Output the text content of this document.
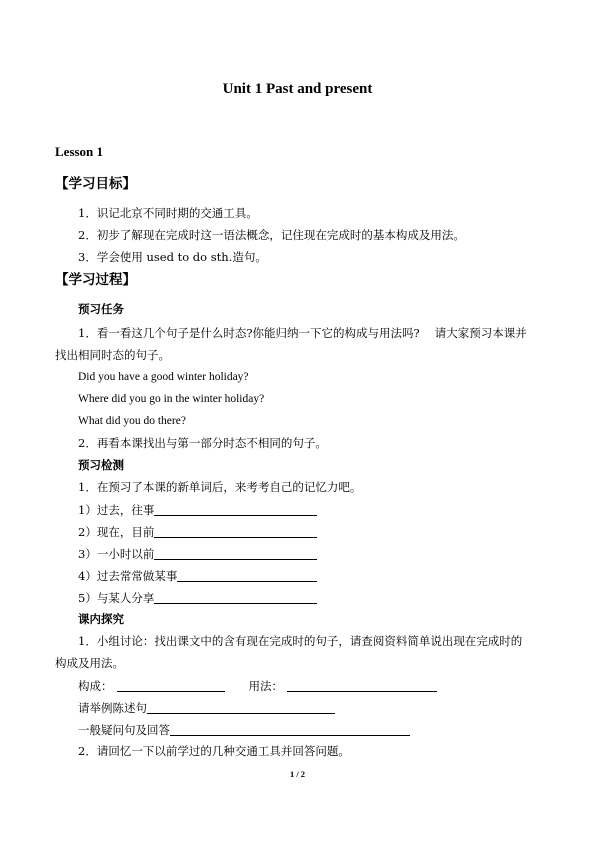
Unit 1 Past and present
Lesson 1
【学习目标】
1．识记北京不同时期的交通工具。
2．初步了解现在完成时这一语法概念，记住现在完成时的基本构成及用法。
3．学会使用 used to do sth.造句。
【学习过程】
预习任务
1．看一看这几个句子是什么时态?你能归纳一下它的构成与用法吗?　 请大家预习本课并
找出相同时态的句子。
Did you have a good winter holiday?
Where did you go in the winter holiday?
What did you do there?
2．再看本课找出与第一部分时态不相同的句子。
预习检测
1．在预习了本课的新单词后，来考考自己的记忆力吧。
1）过去，往事
2）现在，目前
3）一小时以前
4）过去常常做某事
5）与某人分享
课内探究
1．小组讨论：找出课文中的含有现在完成时的句子，请查阅资料简单说出现在完成时的
构成及用法。
构成：	用法：
请举例陈述句
一般疑问句及回答
2．请回忆一下以前学过的几种交通工具并回答问题。
1 / 2
